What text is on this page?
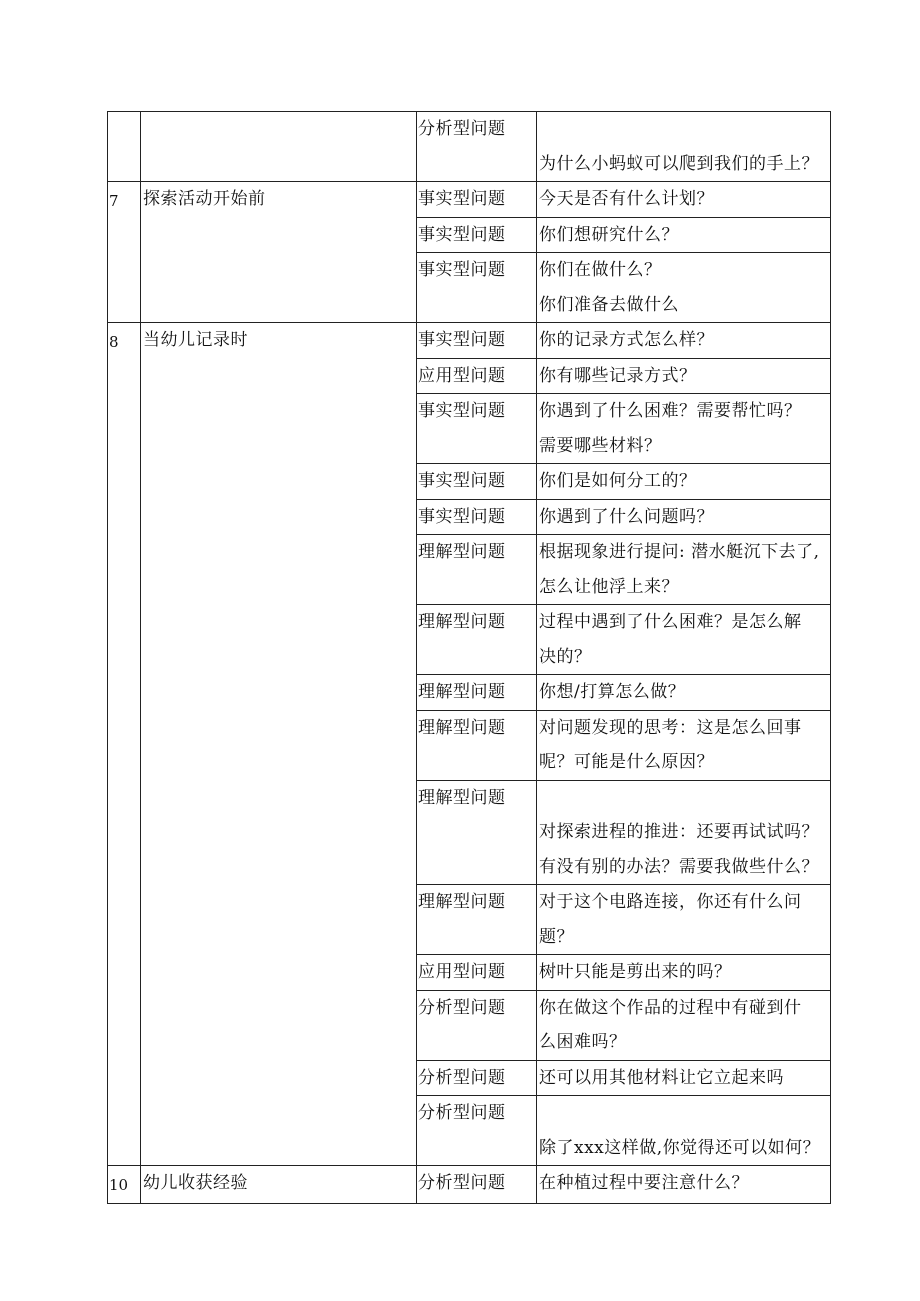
		分析型问题	为什么小蚂蚁可以爬到我们的手上？

7	探索活动开始前	事实型问题	今天是否有什么计划？

		事实型问题	你们想研究什么？

		事实型问题	你们在做什么？
你们准备去做什么

8	当幼儿记录时	事实型问题	你的记录方式怎么样？

		应用型问题	你有哪些记录方式？

		事实型问题	你遇到了什么困难？需要帮忙吗？
需要哪些材料？

		事实型问题	你们是如何分工的？

		事实型问题	你遇到了什么问题吗？

		理解型问题	根据现象进行提问: 潜水艇沉下去了,
怎么让他浮上来？

		理解型问题	过程中遇到了什么困难？是怎么解
决的？

		理解型问题	你想/打算怎么做？

		理解型问题	对问题发现的思考：这是怎么回事
呢？可能是什么原因？

		理解型问题	对探索进程的推进：还要再试试吗？
有没有别的办法？需要我做些什么？

		理解型问题	对于这个电路连接，你还有什么问
题？

		应用型问题	树叶只能是剪出来的吗？

		分析型问题	你在做这个作品的过程中有碰到什
么困难吗？

		分析型问题	还可以用其他材料让它立起来吗

		分析型问题	除了xxx这样做,你觉得还可以如何？

10	幼儿收获经验	分析型问题	在种植过程中要注意什么？
